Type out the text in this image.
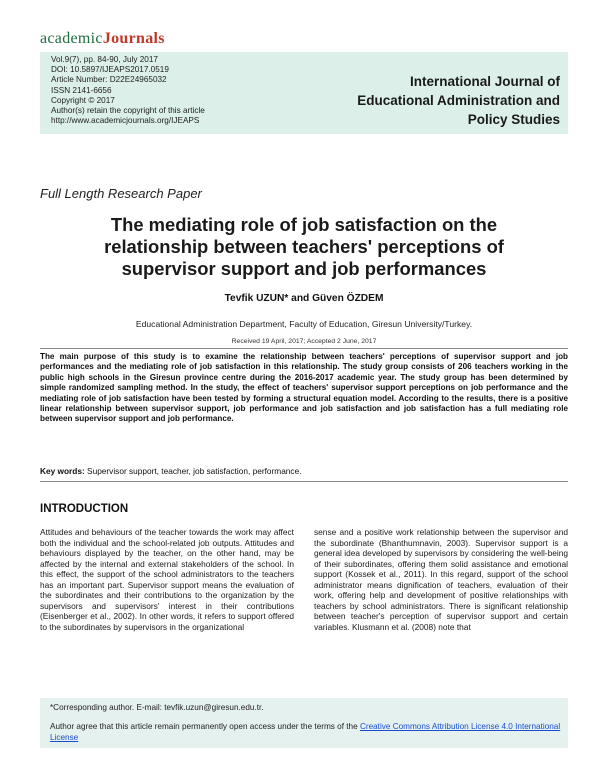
academicJournals
Vol.9(7), pp. 84-90, July 2017
DOI: 10.5897/IJEAPS2017.0519
Article Number: D22E24965032
ISSN 2141-6656
Copyright © 2017
Author(s) retain the copyright of this article
http://www.academicjournals.org/IJEAPS
International Journal of
Educational Administration and
Policy Studies
Full Length Research Paper
The mediating role of job satisfaction on the
relationship between teachers' perceptions of
supervisor support and job performances
Tevfik UZUN* and Güven ÖZDEM
Educational Administration Department, Faculty of Education, Giresun University/Turkey.
Received 19 April, 2017; Accepted 2 June, 2017
The main purpose of this study is to examine the relationship between teachers' perceptions of supervisor support and job performances and the mediating role of job satisfaction in this relationship. The study group consists of 206 teachers working in the public high schools in the Giresun province centre during the 2016-2017 academic year. The study group has been determined by simple randomized sampling method. In the study, the effect of teachers' supervisor support perceptions on job performance and the mediating role of job satisfaction have been tested by forming a structural equation model. According to the results, there is a positive linear relationship between supervisor support, job performance and job satisfaction and job satisfaction has a full mediating role between supervisor support and job performance.
Key words: Supervisor support, teacher, job satisfaction, performance.
INTRODUCTION
Attitudes and behaviours of the teacher towards the work may affect both the individual and the school-related job outputs. Attitudes and behaviours displayed by the teacher, on the other hand, may be affected by the internal and external stakeholders of the school. In this effect, the support of the school administrators to the teachers has an important part. Supervisor support means the evaluation of the subordinates and their contributions to the organization by the supervisors and supervisors' interest in their contributions (Eisenberger et al., 2002). In other words, it refers to support offered to the subordinates by supervisors in the organizational
sense and a positive work relationship between the supervisor and the subordinate (Bhanthumnavin, 2003). Supervisor support is a general idea developed by supervisors by considering the well-being of their subordinates, offering them solid assistance and emotional support (Kossek et al., 2011). In this regard, support of the school administrator means dignification of teachers, evaluation of their work, offering help and development of positive relationships with teachers by school administrators. There is significant relationship between teacher's perception of supervisor support and certain variables. Klusmann et al. (2008) note that
*Corresponding author. E-mail: tevfik.uzun@giresun.edu.tr.
Author agree that this article remain permanently open access under the terms of the Creative Commons Attribution License 4.0 International License
